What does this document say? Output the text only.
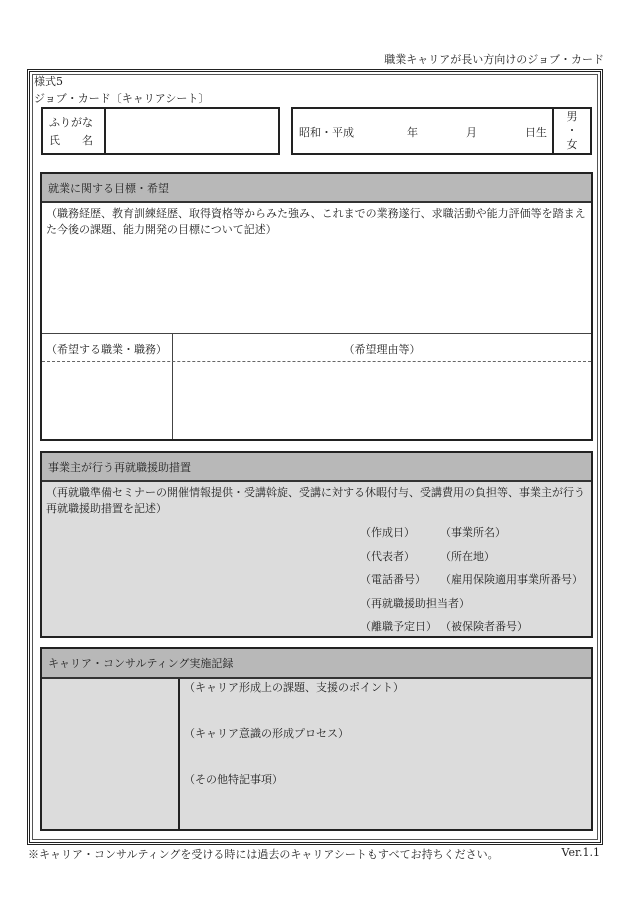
職業キャリアが長い方向けのジョブ・カード
様式5
ジョブ・カード〔キャリアシート〕
ふりがな
氏　　名
昭和・平成	年	月	日生
男
・
女
就業に関する目標・希望
（職務経歴、教育訓練経歴、取得資格等からみた強み、これまでの業務遂行、求職活動や能力評価等を踏まえた今後の課題、能力開発の目標について記述）
（希望する職業・職務）	（希望理由等）
事業主が行う再就職援助措置
（再就職準備セミナーの開催情報提供・受講斡旋、受講に対する休暇付与、受講費用の負担等、事業主が行う再就職援助措置を記述）
（作成日） （事業所名）
（代表者） （所在地）
（電話番号） （雇用保険適用事業所番号）
（再就職援助担当者）
（離職予定日） （被保険者番号）
キャリア・コンサルティング実施記録
（キャリア形成上の課題、支援のポイント）
（キャリア意識の形成プロセス）
（その他特記事項）
※キャリア・コンサルティングを受ける時には過去のキャリアシートもすべてお持ちください。	Ver.1.1
